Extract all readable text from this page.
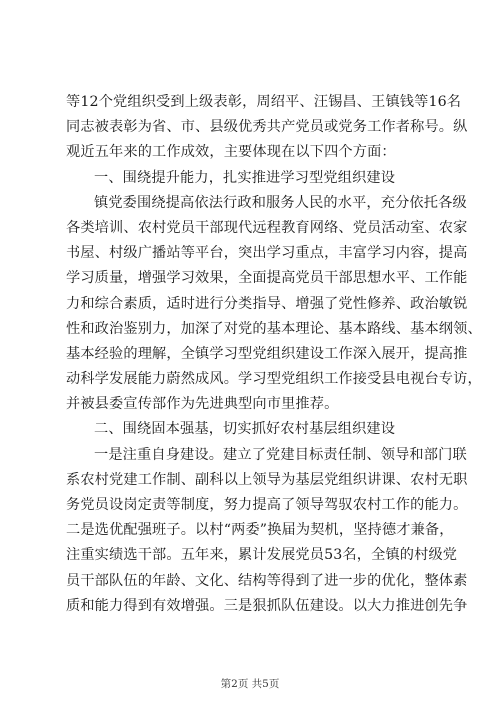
等12个党组织受到上级表彰，周绍平、汪锡昌、王镇钱等16名
同志被表彰为省、市、县级优秀共产党员或党务工作者称号。纵
观近五年来的工作成效，主要体现在以下四个方面：
一、围绕提升能力，扎实推进学习型党组织建设
镇党委围绕提高依法行政和服务人民的水平，充分依托各级
各类培训、农村党员干部现代远程教育网络、党员活动室、农家
书屋、村级广播站等平台，突出学习重点，丰富学习内容，提高
学习质量，增强学习效果，全面提高党员干部思想水平、工作能
力和综合素质，适时进行分类指导、增强了党性修养、政治敏锐
性和政治鉴别力，加深了对党的基本理论、基本路线、基本纲领、
基本经验的理解，全镇学习型党组织建设工作深入展开，提高推
动科学发展能力蔚然成风。学习型党组织工作接受县电视台专访，
并被县委宣传部作为先进典型向市里推荐。
二、围绕固本强基，切实抓好农村基层组织建设
一是注重自身建设。建立了党建目标责任制、领导和部门联
系农村党建工作制、副科以上领导为基层党组织讲课、农村无职
务党员设岗定责等制度，努力提高了领导驾驭农村工作的能力。
二是选优配强班子。以村“两委”换届为契机，坚持德才兼备，
注重实绩选干部。五年来，累计发展党员53名，全镇的村级党
员干部队伍的年龄、文化、结构等得到了进一步的优化，整体素
质和能力得到有效增强。三是狠抓队伍建设。以大力推进创先争
第2页 共5页
